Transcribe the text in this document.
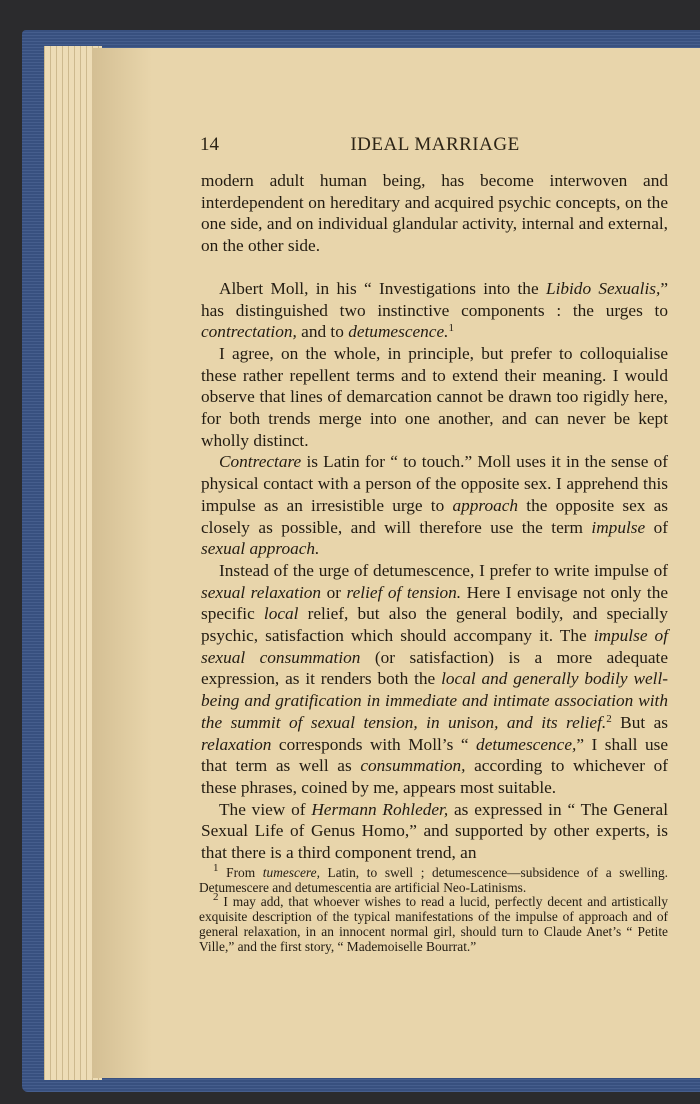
14	IDEAL MARRIAGE

modern adult human being, has become interwoven and interdependent on hereditary and acquired psychic concepts, on the one side, and on individual glandular activity, internal and external, on the other side.

Albert Moll, in his “ Investigations into the Libido Sexualis,” has distinguished two instinctive components : the urges to contrectation, and to detumescence.$^1$

I agree, on the whole, in principle, but prefer to colloquialise these rather repellent terms and to extend their meaning. I would observe that lines of demarcation cannot be drawn too rigidly here, for both trends merge into one another, and can never be kept wholly distinct.

Contrectare is Latin for “ to touch.” Moll uses it in the sense of physical contact with a person of the opposite sex. I apprehend this impulse as an irresistible urge to approach the opposite sex as closely as possible, and will therefore use the term impulse of sexual approach.

Instead of the urge of detumescence, I prefer to write impulse of sexual relaxation or relief of tension. Here I envisage not only the specific local relief, but also the general bodily, and specially psychic, satisfaction which should accompany it. The impulse of sexual consummation (or satisfaction) is a more adequate expression, as it renders both the local and generally bodily well-being and gratification in immediate and intimate association with the summit of sexual tension, in unison, and its relief.$^2$ But as relaxation corresponds with Moll’s “ detumescence,” I shall use that term as well as consummation, according to whichever of these phrases, coined by me, appears most suitable.

The view of Hermann Rohleder, as expressed in “ The General Sexual Life of Genus Homo,” and supported by other experts, is that there is a third component trend, an

$^1$ From tumescere, Latin, to swell ; detumescence—subsidence of a swelling. Detumescere and detumescentia are artificial Neo-Latinisms.

$^2$ I may add, that whoever wishes to read a lucid, perfectly decent and artistically exquisite description of the typical manifestations of the impulse of approach and of general relaxation, in an innocent normal girl, should turn to Claude Anet’s “ Petite Ville,” and the first story, “ Mademoiselle Bourrat.”
